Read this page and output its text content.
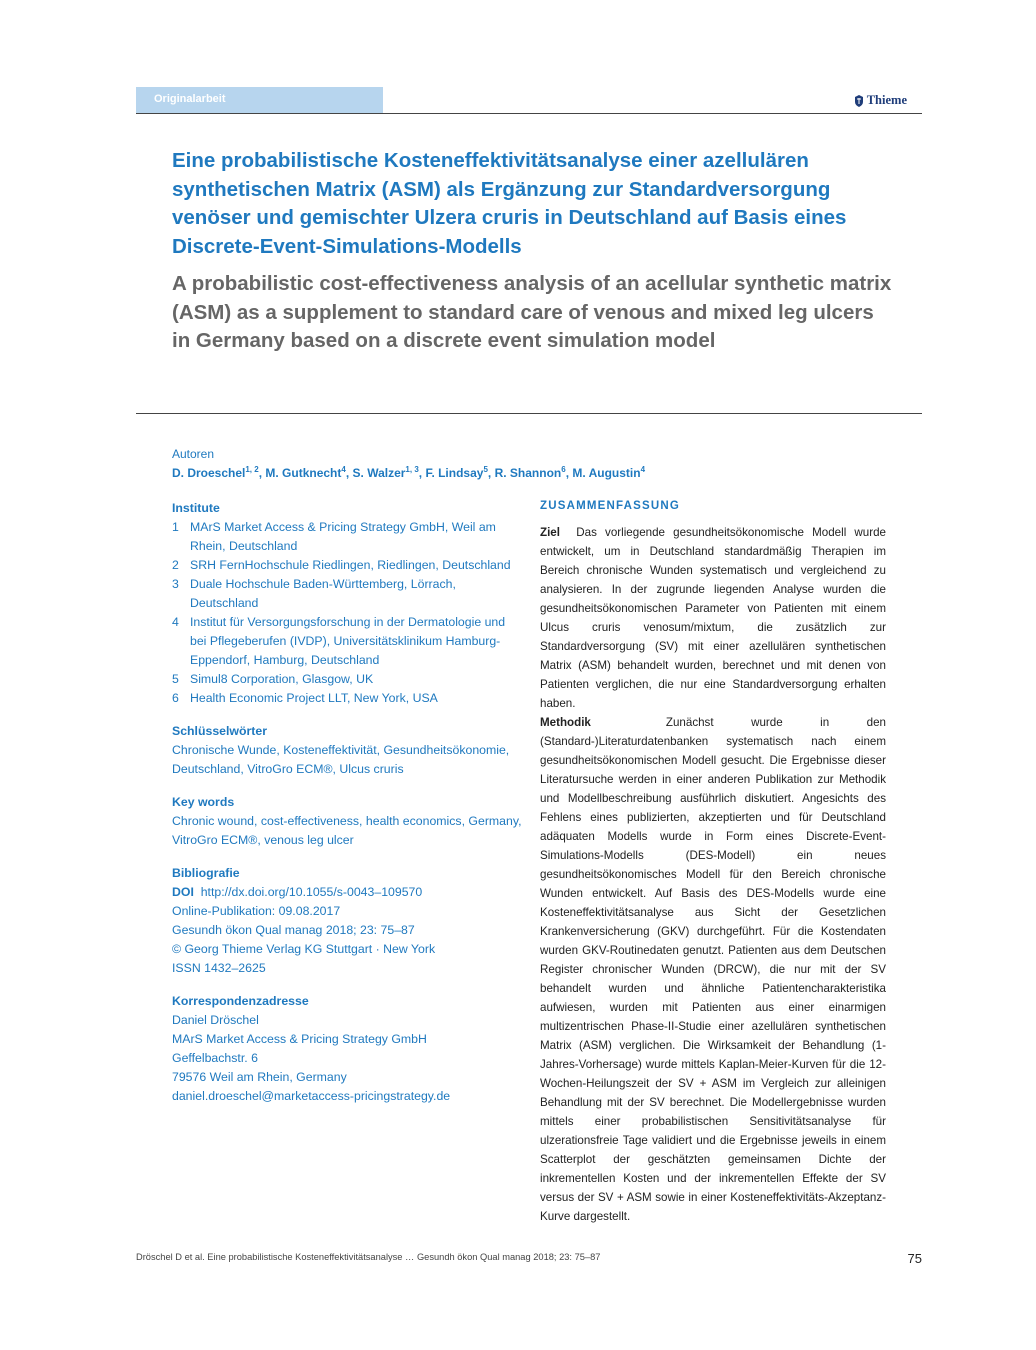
Originalarbeit	Thieme
Eine probabilistische Kosteneffektivitätsanalyse einer azellulären synthetischen Matrix (ASM) als Ergänzung zur Standardversorgung venöser und gemischter Ulzera cruris in Deutschland auf Basis eines Discrete-Event-Simulations-Modells
A probabilistic cost-effectiveness analysis of an acellular synthetic matrix (ASM) as a supplement to standard care of venous and mixed leg ulcers in Germany based on a discrete event simulation model
Autoren
D. Droeschel$^{1, 2}$, M. Gutknecht$^4$, S. Walzer$^{1, 3}$, F. Lindsay$^5$, R. Shannon$^6$, M. Augustin$^4$
Institute
1 MArS Market Access & Pricing Strategy GmbH, Weil am Rhein, Deutschland
2 SRH FernHochschule Riedlingen, Riedlingen, Deutschland
3 Duale Hochschule Baden-Württemberg, Lörrach, Deutschland
4 Institut für Versorgungsforschung in der Dermatologie und bei Pflegeberufen (IVDP), Universitätsklinikum Hamburg-Eppendorf, Hamburg, Deutschland
5 Simul8 Corporation, Glasgow, UK
6 Health Economic Project LLT, New York, USA
Schlüsselwörter
Chronische Wunde, Kosteneffektivität, Gesundheitsökonomie, Deutschland, VitroGro ECM®, Ulcus cruris
Key words
Chronic wound, cost-effectiveness, health economics, Germany, VitroGro ECM®, venous leg ulcer
Bibliografie
DOI http://dx.doi.org/10.1055/s-0043–109570
Online-Publikation: 09.08.2017
Gesundh ökon Qual manag 2018; 23: 75–87
© Georg Thieme Verlag KG Stuttgart · New York
ISSN 1432–2625
Korrespondenzadresse
Daniel Dröschel
MArS Market Access & Pricing Strategy GmbH
Geffelbachstr. 6
79576 Weil am Rhein, Germany
daniel.droeschel@marketaccess-pricingstrategy.de
ZUSAMMENFASSUNG

Ziel Das vorliegende gesundheitsökonomische Modell wurde entwickelt, um in Deutschland standardmäßig Therapien im Bereich chronische Wunden systematisch und vergleichend zu analysieren. In der zugrunde liegenden Analyse wurden die gesundheitsökonomischen Parameter von Patienten mit einem Ulcus cruris venosum/mixtum, die zusätzlich zur Standardversorgung (SV) mit einer azellulären synthetischen Matrix (ASM) behandelt wurden, berechnet und mit denen von Patienten verglichen, die nur eine Standardversorgung erhalten haben.
Methodik	Zunächst wurde in den (Standard-)Literaturdatenbanken systematisch nach einem gesundheitsökonomischen Modell gesucht. Die Ergebnisse dieser Literatursuche werden in einer anderen Publikation zur Methodik und Modellbeschreibung ausführlich diskutiert. Angesichts des Fehlens eines publizierten, akzeptierten und für Deutschland adäquaten Modells wurde in Form eines Discrete-Event-Simulations-Modells (DES-Modell) ein neues gesundheitsökonomisches Modell für den Bereich chronische Wunden entwickelt. Auf Basis des DES-Modells wurde eine Kosteneffektivitätsanalyse aus Sicht der Gesetzlichen Krankenversicherung (GKV) durchgeführt. Für die Kostendaten wurden GKV-Routinedaten genutzt. Patienten aus dem Deutschen Register chronischer Wunden (DRCW), die nur mit der SV behandelt wurden und ähnliche Patientencharakteristika aufwiesen, wurden mit Patienten aus einer einarmigen multizentrischen Phase-II-Studie einer azellulären synthetischen Matrix (ASM) verglichen. Die Wirksamkeit der Behandlung (1-Jahres-Vorhersage) wurde mittels Kaplan-Meier-Kurven für die 12-Wochen-Heilungszeit der SV + ASM im Vergleich zur alleinigen Behandlung mit der SV berechnet. Die Modellergebnisse wurden mittels einer probabilistischen Sensitivitätsanalyse für ulzerationsfreie Tage validiert und die Ergebnisse jeweils in einem Scatterplot der geschätzten gemeinsamen Dichte der inkrementellen Kosten und der inkrementellen Effekte der SV versus der SV + ASM sowie in einer Kosteneffektivitäts-Akzeptanz-Kurve dargestellt.

Dröschel D et al. Eine probabilistische Kosteneffektivitätsanalyse … Gesundh ökon Qual manag 2018; 23: 75–87	75
